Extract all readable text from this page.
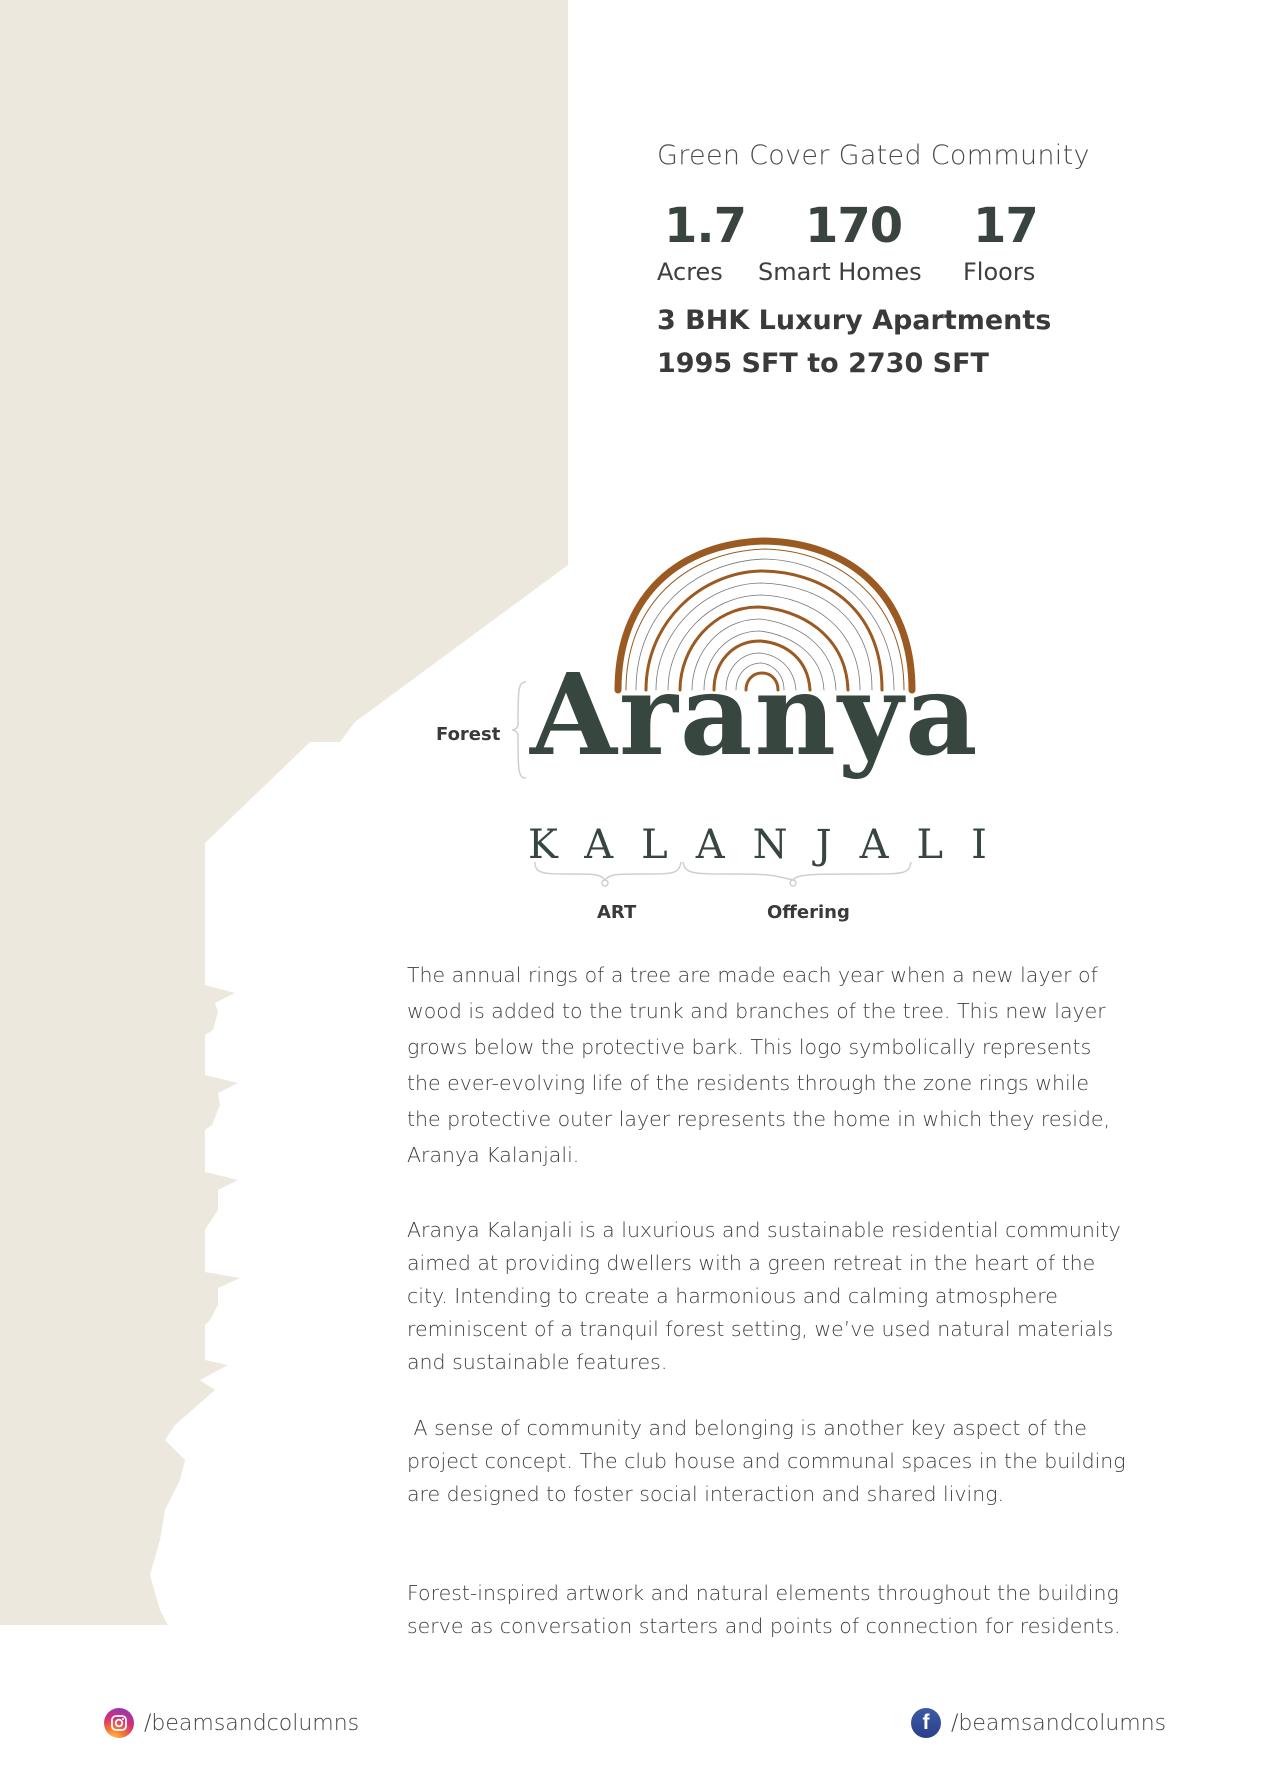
Green Cover Gated Community
1.7 170 17
Acres Smart Homes Floors
3 BHK Luxury Apartments
1995 SFT to 2730 SFT
Aranya
KALANJALI
Forest
ART	Offering

The annual rings of a tree are made each year when a new layer of wood is added to the trunk and branches of the tree. This new layer grows below the protective bark. This logo symbolically represents the ever-evolving life of the residents through the zone rings while the protective outer layer represents the home in which they reside, Aranya Kalanjali.

Aranya Kalanjali is a luxurious and sustainable residential community aimed at providing dwellers with a green retreat in the heart of the city. Intending to create a harmonious and calming atmosphere reminiscent of a tranquil forest setting, we’ve used natural materials and sustainable features.

A sense of community and belonging is another key aspect of the project concept. The club house and communal spaces in the building are designed to foster social interaction and shared living.

Forest-inspired artwork and natural elements throughout the building serve as conversation starters and points of connection for residents.

/beamsandcolumns	f /beamsandcolumns
